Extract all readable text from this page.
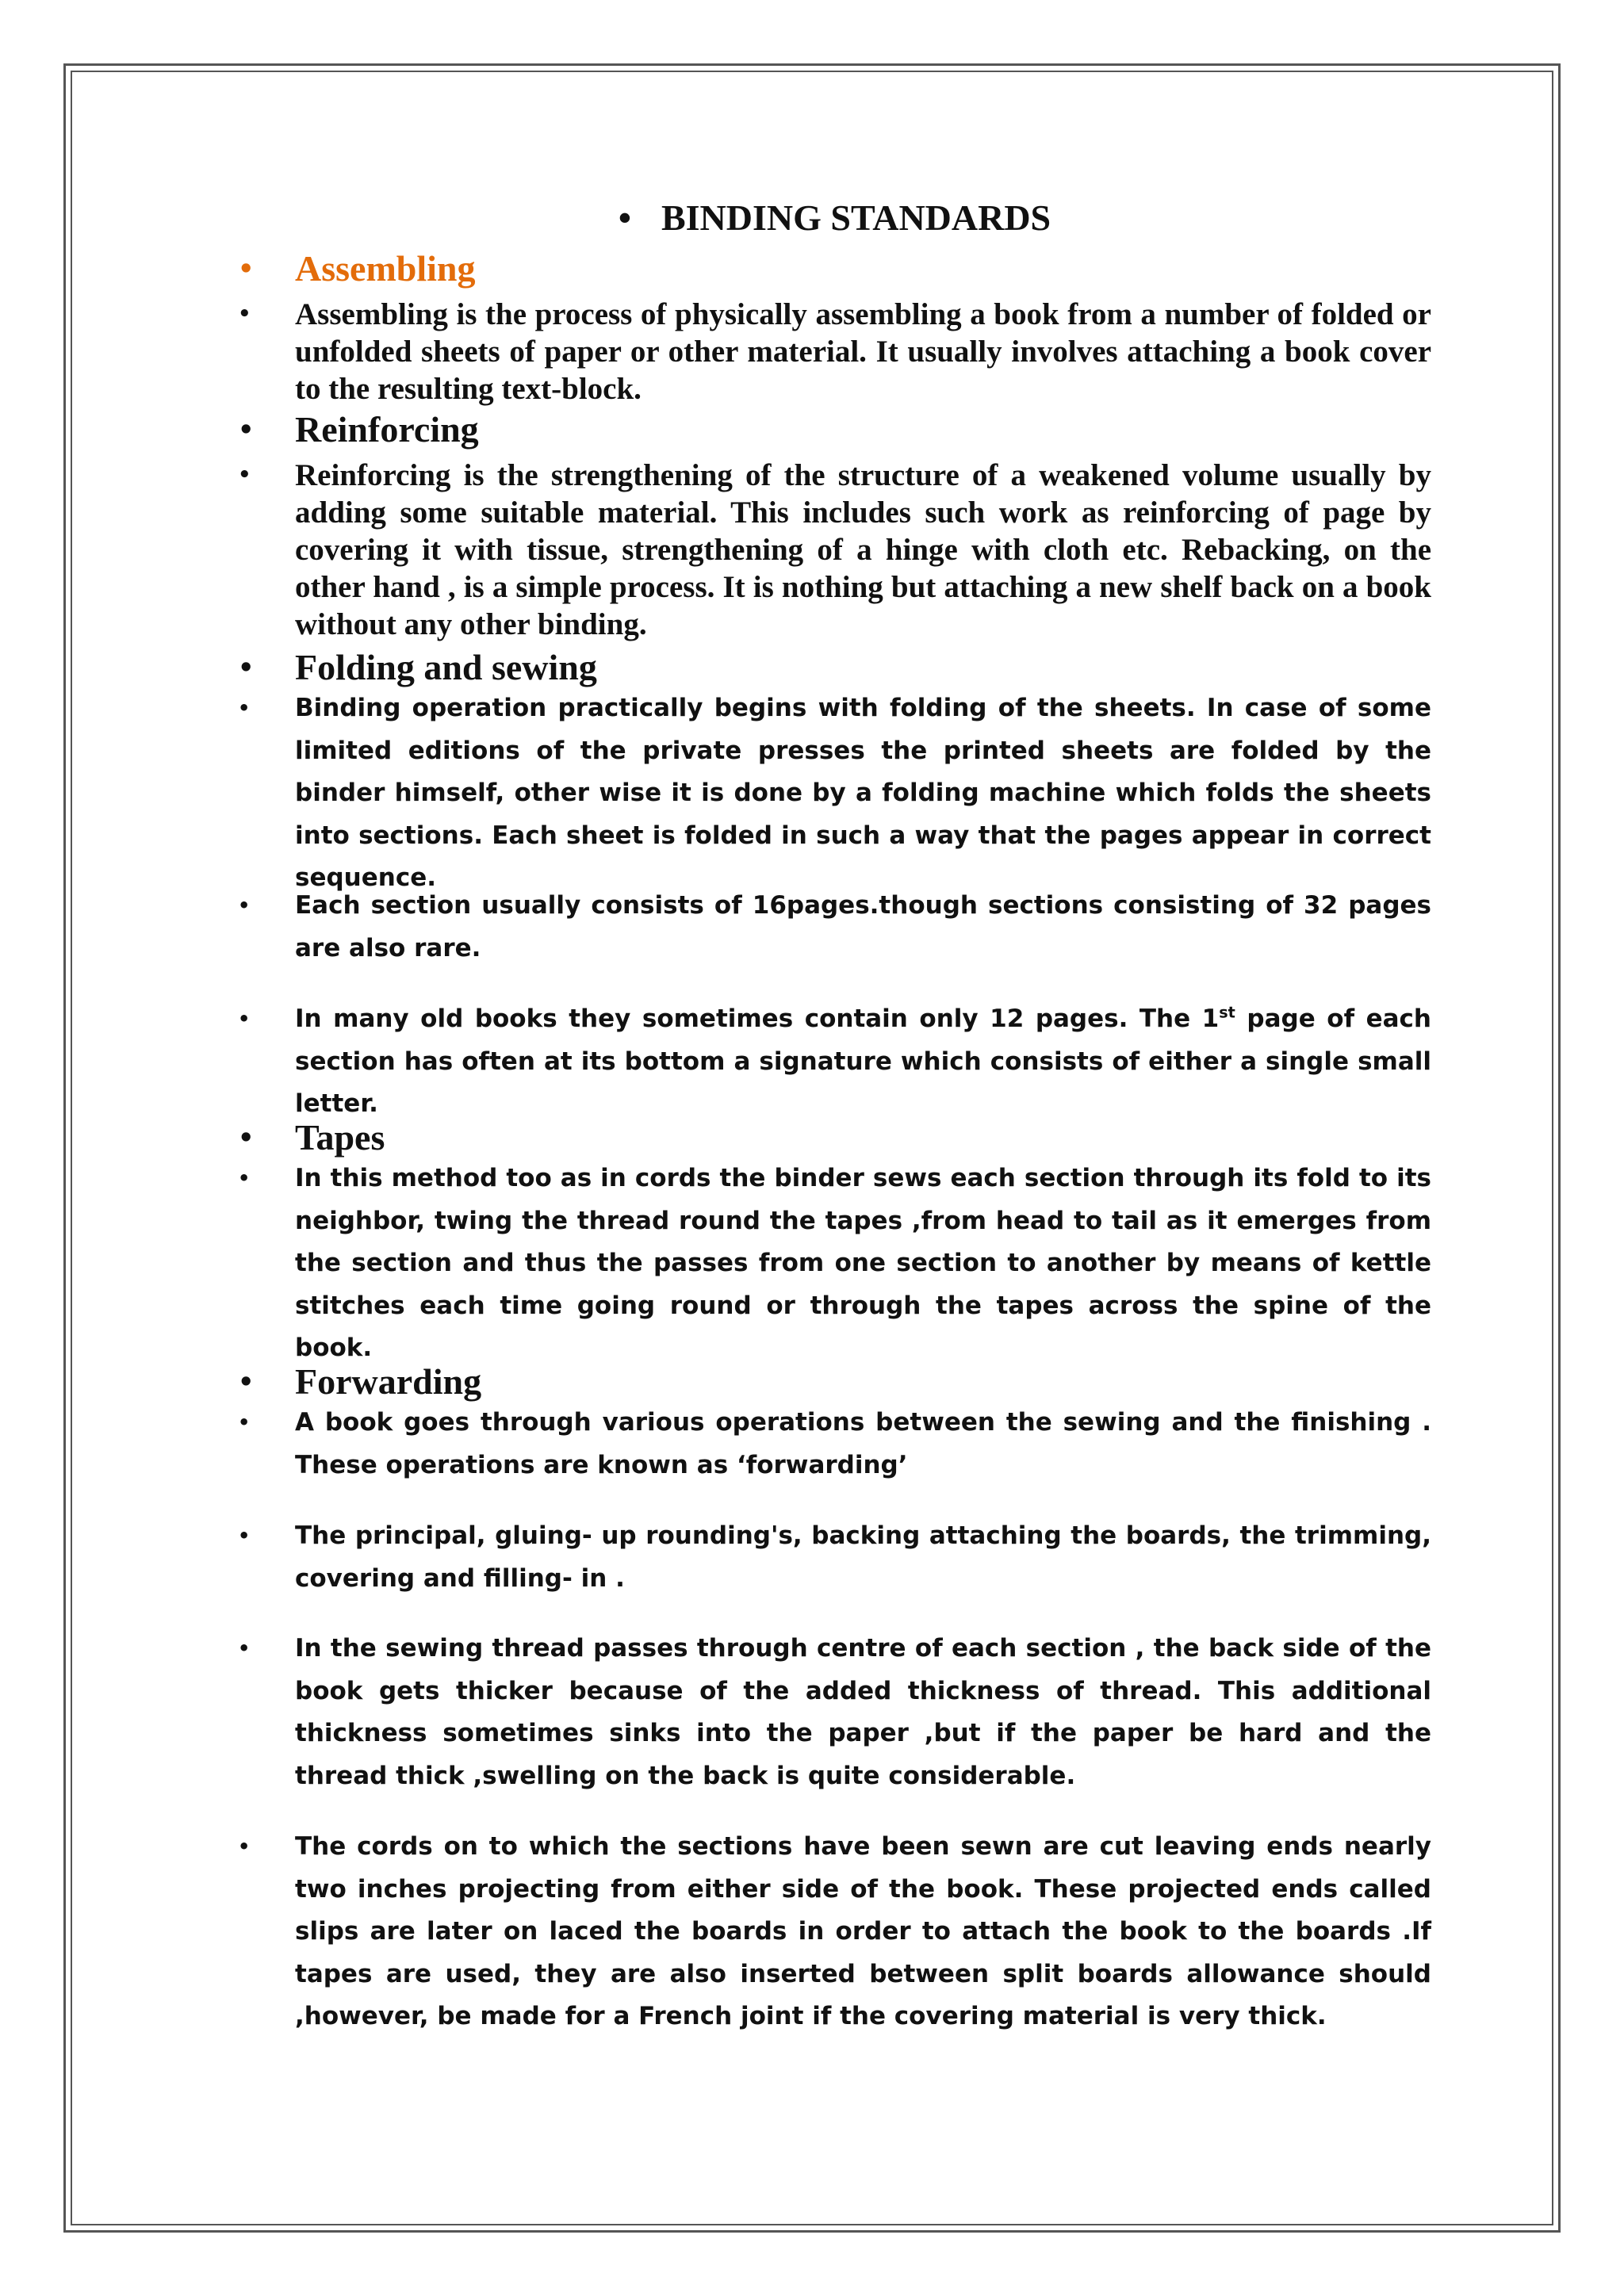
• BINDING STANDARDS
•	Assembling
•	Assembling is the process of physically assembling a book from a number of folded or unfolded sheets of paper or other material. It usually involves attaching a book cover to the resulting text-block.
•	Reinforcing
•	Reinforcing is the strengthening of the structure of a weakened volume usually by adding some suitable material. This includes such work as reinforcing of page by covering it with tissue, strengthening of a hinge with cloth etc. Rebacking, on the other hand , is a simple process. It is nothing but attaching a new shelf back on a book without any other binding.
•	Folding and sewing
•	Binding operation practically begins with folding of the sheets. In case of some limited editions of the private presses the printed sheets are folded by the binder himself, other wise it is done by a folding machine which folds the sheets into sections. Each sheet is folded in such a way that the pages appear in correct sequence.
•	Each section usually consists of 16pages.though sections consisting of 32 pages are also rare.
•	In many old books they sometimes contain only 12 pages. The 1st page of each section has often at its bottom a signature which consists of either a single small letter.
•	Tapes
•	In this method too as in cords the binder sews each section through its fold to its neighbor, twing the thread round the tapes ,from head to tail as it emerges from the section and thus the passes from one section to another by means of kettle stitches each time going round or through the tapes across the spine of the book.
•	Forwarding
•	A book goes through various operations between the sewing and the finishing . These operations are known as ‘forwarding’
•	The principal, gluing- up rounding's, backing attaching the boards, the trimming, covering and filling- in .
•	In the sewing thread passes through centre of each section , the back side of the book gets thicker because of the added thickness of thread. This additional thickness sometimes sinks into the paper ,but if the paper be hard and the thread thick ,swelling on the back is quite considerable.
•	The cords on to which the sections have been sewn are cut leaving ends nearly two inches projecting from either side of the book. These projected ends called slips are later on laced the boards in order to attach the book to the boards .If tapes are used, they are also inserted between split boards allowance should ,however, be made for a French joint if the covering material is very thick.
